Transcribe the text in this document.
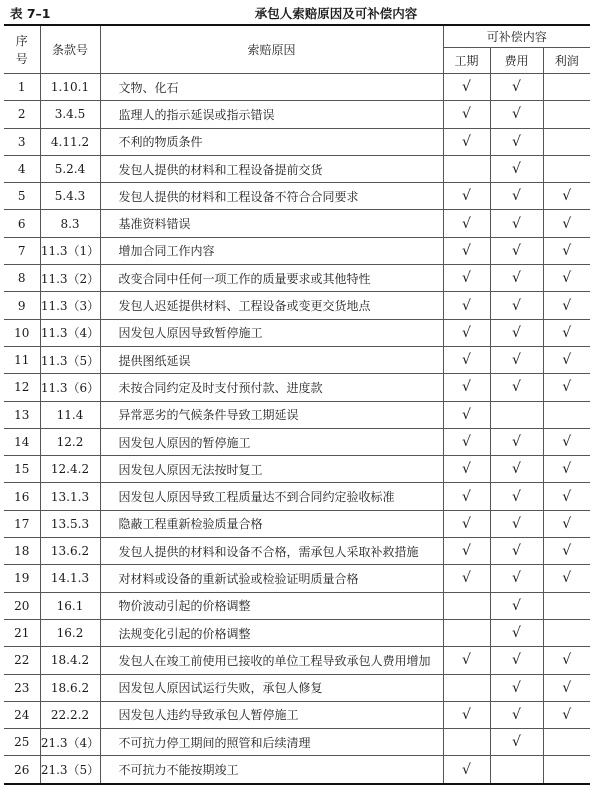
表 7–1	承包人索赔原因及可补偿内容
序
号	条款号	索赔原因	可补偿内容		
			工期	费用	利润
1	1.10.1	文物、化石	√	√	
2	3.4.5	监理人的指示延误或指示错误	√	√	
3	4.11.2	不利的物质条件	√	√	
4	5.2.4	发包人提供的材料和工程设备提前交货		√	
5	5.4.3	发包人提供的材料和工程设备不符合合同要求	√	√	√
6	8.3	基准资料错误	√	√	√
7	11.3（1）	增加合同工作内容	√	√	√
8	11.3（2）	改变合同中任何一项工作的质量要求或其他特性	√	√	√
9	11.3（3）	发包人迟延提供材料、工程设备或变更交货地点	√	√	√
10	11.3（4）	因发包人原因导致暂停施工	√	√	√
11	11.3（5）	提供图纸延误	√	√	√
12	11.3（6）	未按合同约定及时支付预付款、进度款	√	√	√
13	11.4	异常恶劣的气候条件导致工期延误	√		
14	12.2	因发包人原因的暂停施工	√	√	√
15	12.4.2	因发包人原因无法按时复工	√	√	√
16	13.1.3	因发包人原因导致工程质量达不到合同约定验收标准	√	√	√
17	13.5.3	隐蔽工程重新检验质量合格	√	√	√
18	13.6.2	发包人提供的材料和设备不合格，需承包人采取补救措施	√	√	√
19	14.1.3	对材料或设备的重新试验或检验证明质量合格	√	√	√
20	16.1	物价波动引起的价格调整		√	
21	16.2	法规变化引起的价格调整		√	
22	18.4.2	发包人在竣工前使用已接收的单位工程导致承包人费用增加	√	√	√
23	18.6.2	因发包人原因试运行失败，承包人修复		√	√
24	22.2.2	因发包人违约导致承包人暂停施工	√	√	√
25	21.3（4）	不可抗力停工期间的照管和后续清理		√	
26	21.3（5）	不可抗力不能按期竣工	√		
